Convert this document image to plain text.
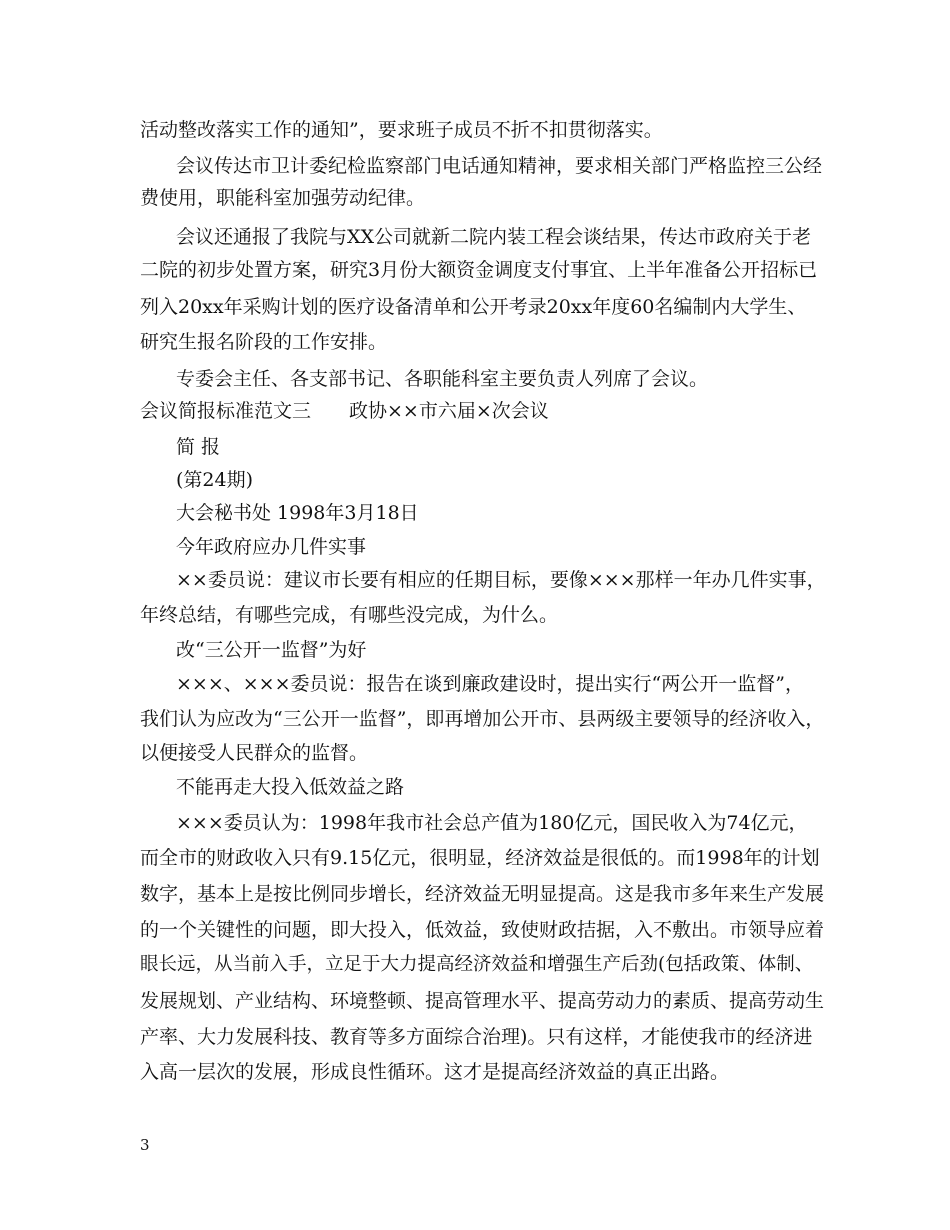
活动整改落实工作的通知”，要求班子成员不折不扣贯彻落实。

会议传达市卫计委纪检监察部门电话通知精神，要求相关部门严格监控三公经

费使用，职能科室加强劳动纪律。

会议还通报了我院与XX公司就新二院内装工程会谈结果，传达市政府关于老

二院的初步处置方案，研究3月份大额资金调度支付事宜、上半年准备公开招标已

列入20xx年采购计划的医疗设备清单和公开考录20xx年度60名编制内大学生、

研究生报名阶段的工作安排。

专委会主任、各支部书记、各职能科室主要负责人列席了会议。

会议简报标准范文三　　政协××市六届×次会议

简 报

(第24期)

大会秘书处 1998年3月18日

今年政府应办几件实事

××委员说：建议市长要有相应的任期目标，要像×××那样一年办几件实事，

年终总结，有哪些完成，有哪些没完成，为什么。

改“三公开一监督”为好

×××、×××委员说：报告在谈到廉政建设时，提出实行“两公开一监督”，

我们认为应改为“三公开一监督”，即再增加公开市、县两级主要领导的经济收入，

以便接受人民群众的监督。

不能再走大投入低效益之路

×××委员认为：1998年我市社会总产值为180亿元，国民收入为74亿元，

而全市的财政收入只有9.15亿元，很明显，经济效益是很低的。而1998年的计划

数字，基本上是按比例同步增长，经济效益无明显提高。这是我市多年来生产发展

的一个关键性的问题，即大投入，低效益，致使财政拮据，入不敷出。市领导应着

眼长远，从当前入手，立足于大力提高经济效益和增强生产后劲(包括政策、体制、

发展规划、产业结构、环境整顿、提高管理水平、提高劳动力的素质、提高劳动生

产率、大力发展科技、教育等多方面综合治理)。只有这样，才能使我市的经济进

入高一层次的发展，形成良性循环。这才是提高经济效益的真正出路。

3
